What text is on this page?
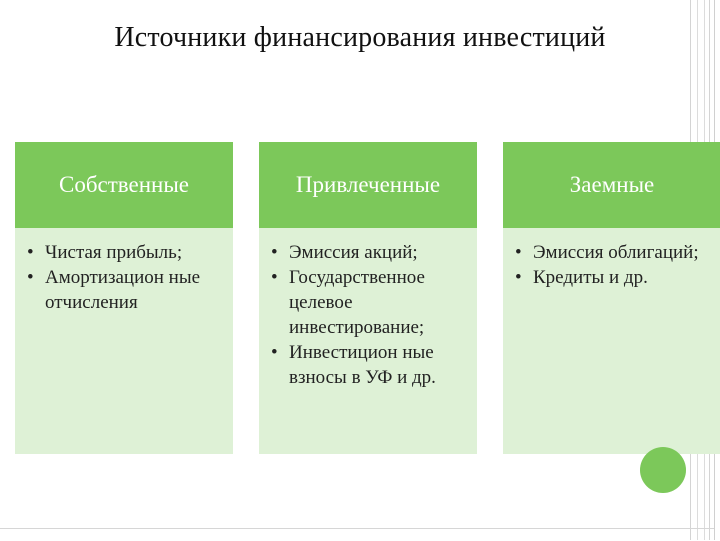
Источники финансирования инвестиций
Собственные
• Чистая прибыль;
• Амортизацион ные отчисления
Привлеченные
• Эмиссия акций;
• Государственное целевое инвестирование;
• Инвестицион ные взносы в УФ и др.
Заемные
• Эмиссия облигаций;
• Кредиты и др.
